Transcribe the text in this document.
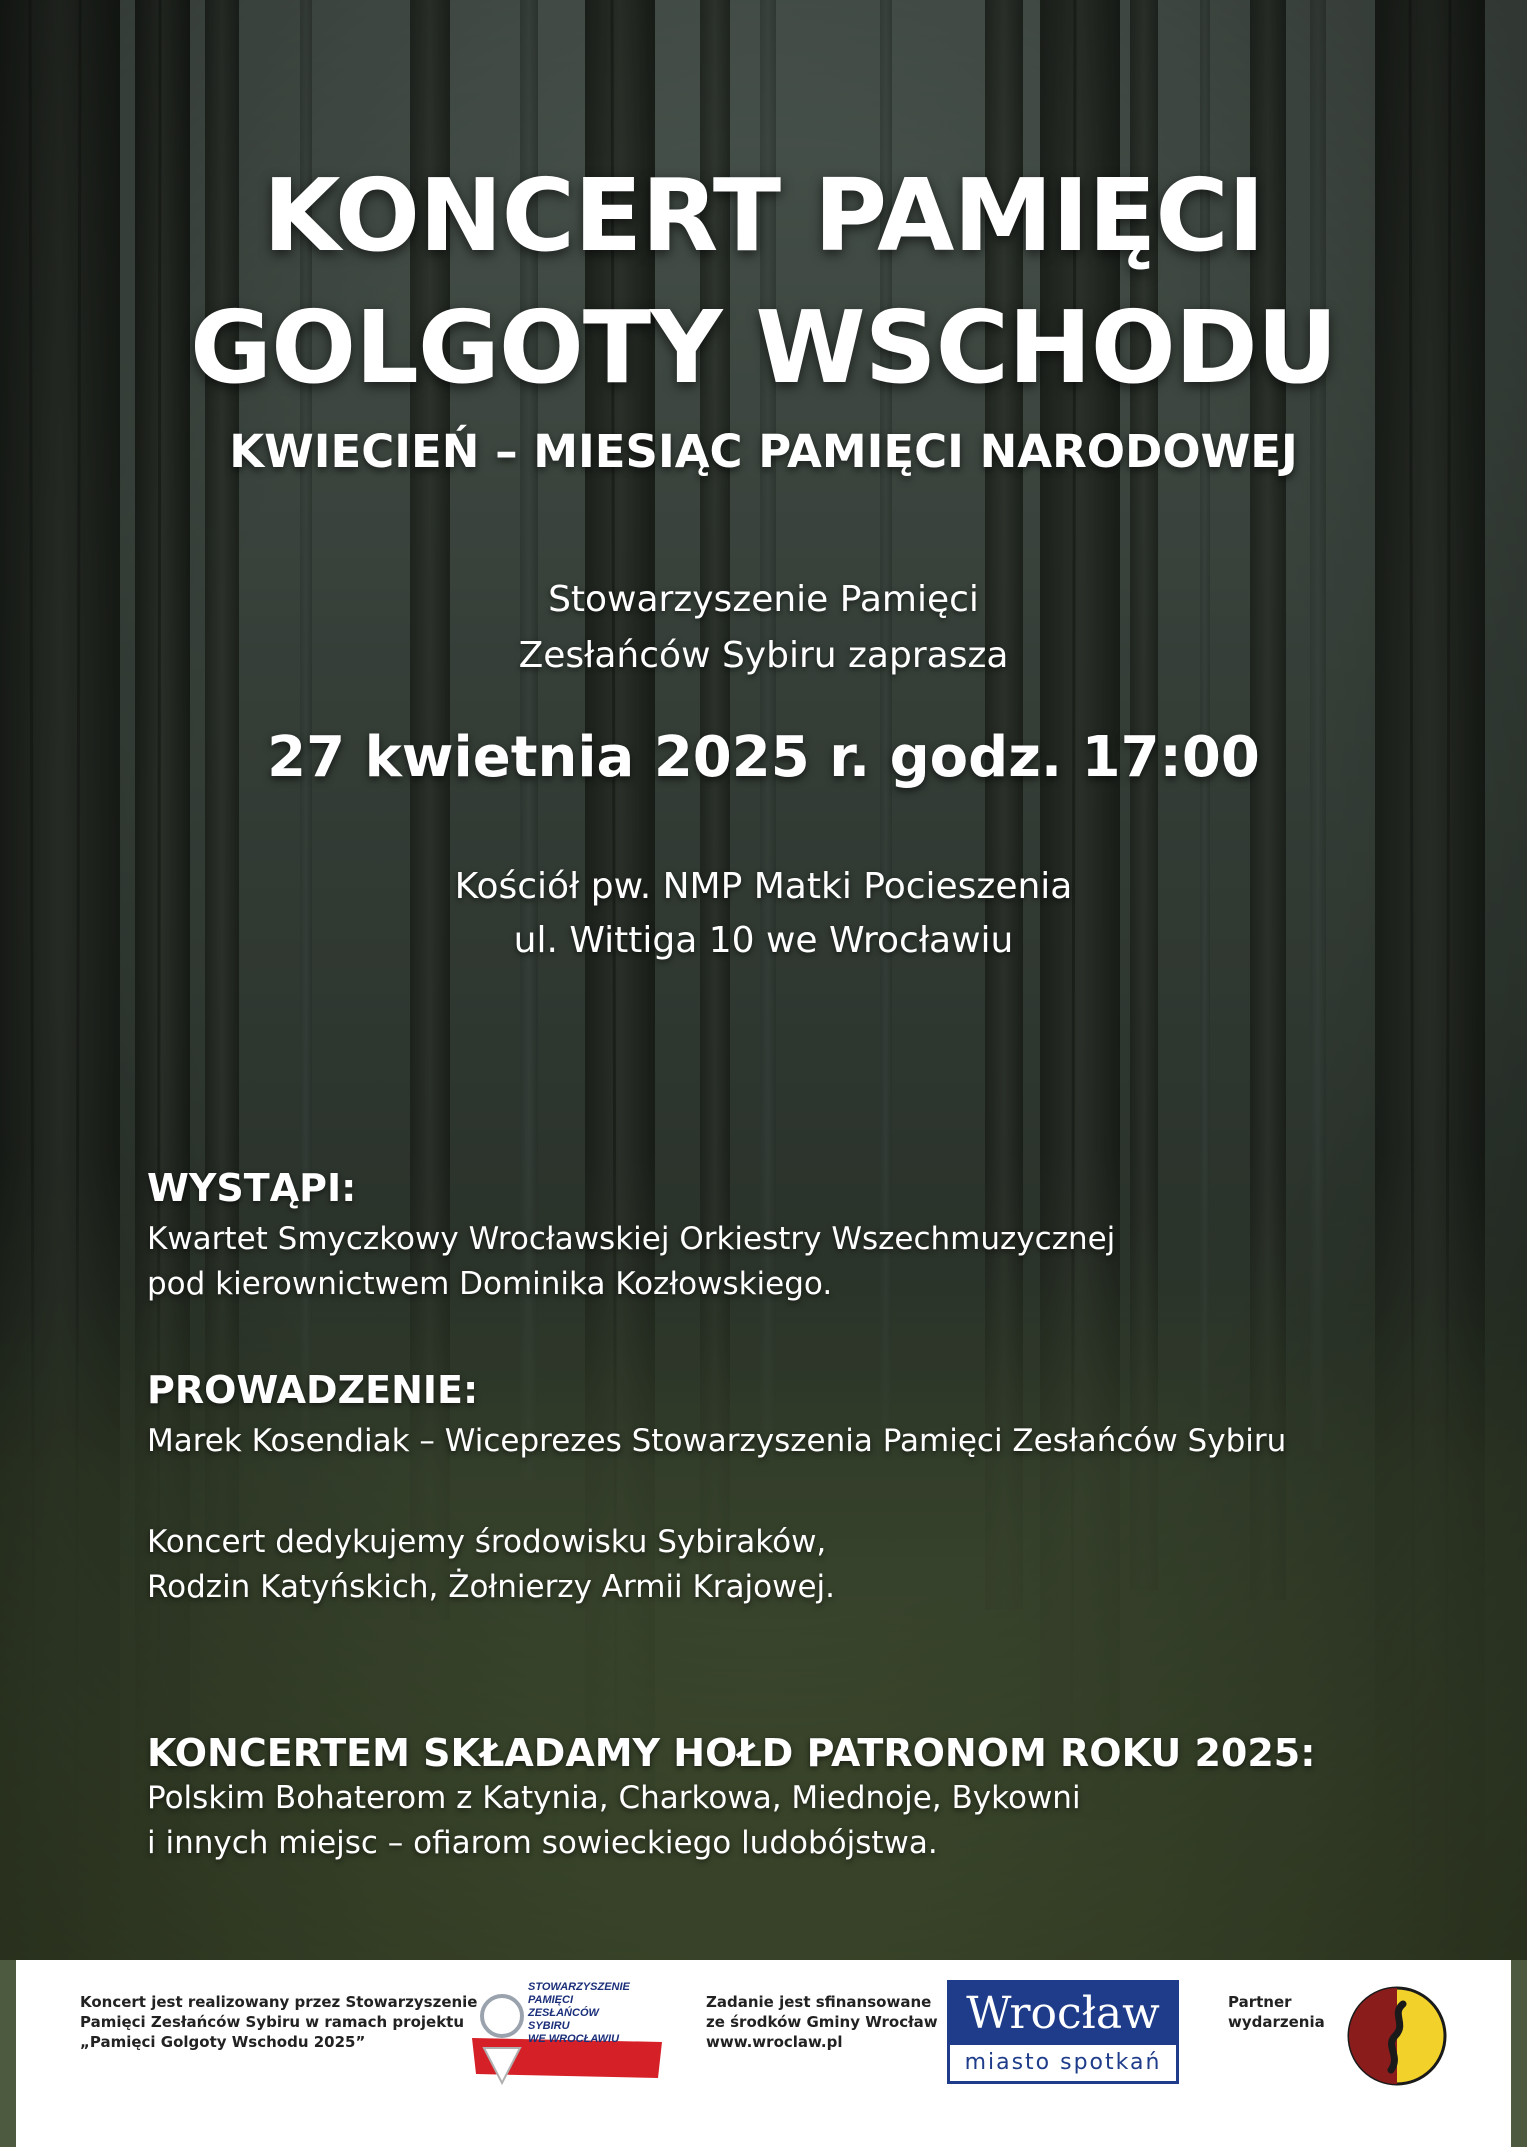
KONCERT PAMIĘCI
GOLGOTY WSCHODU
KWIECIEŃ – MIESIĄC PAMIĘCI NARODOWEJ
Stowarzyszenie Pamięci
Zesłańców Sybiru zaprasza
27 kwietnia 2025 r. godz. 17:00
Kościół pw. NMP Matki Pocieszenia
ul. Wittiga 10 we Wrocławiu
WYSTĄPI:
Kwartet Smyczkowy Wrocławskiej Orkiestry Wszechmuzycznej
pod kierownictwem Dominika Kozłowskiego.
PROWADZENIE:
Marek Kosendiak – Wiceprezes Stowarzyszenia Pamięci Zesłańców Sybiru
Koncert dedykujemy środowisku Sybiraków,
Rodzin Katyńskich, Żołnierzy Armii Krajowej.
KONCERTEM SKŁADAMY HOŁD PATRONOM ROKU 2025:
Polskim Bohaterom z Katynia, Charkowa, Miednoje, Bykowni
i innych miejsc – ofiarom sowieckiego ludobójstwa.
Koncert jest realizowany przez Stowarzyszenie
Pamięci Zesłańców Sybiru w ramach projektu
„Pamięci Golgoty Wschodu 2025”
STOWARZYSZENIE
PAMIĘCI
ZESŁAŃCÓW
SYBIRU
WE WROCŁAWIU
Zadanie jest sfinansowane
ze środków Gminy Wrocław
www.wroclaw.pl
Wrocław
miasto spotkań
Partner
wydarzenia
